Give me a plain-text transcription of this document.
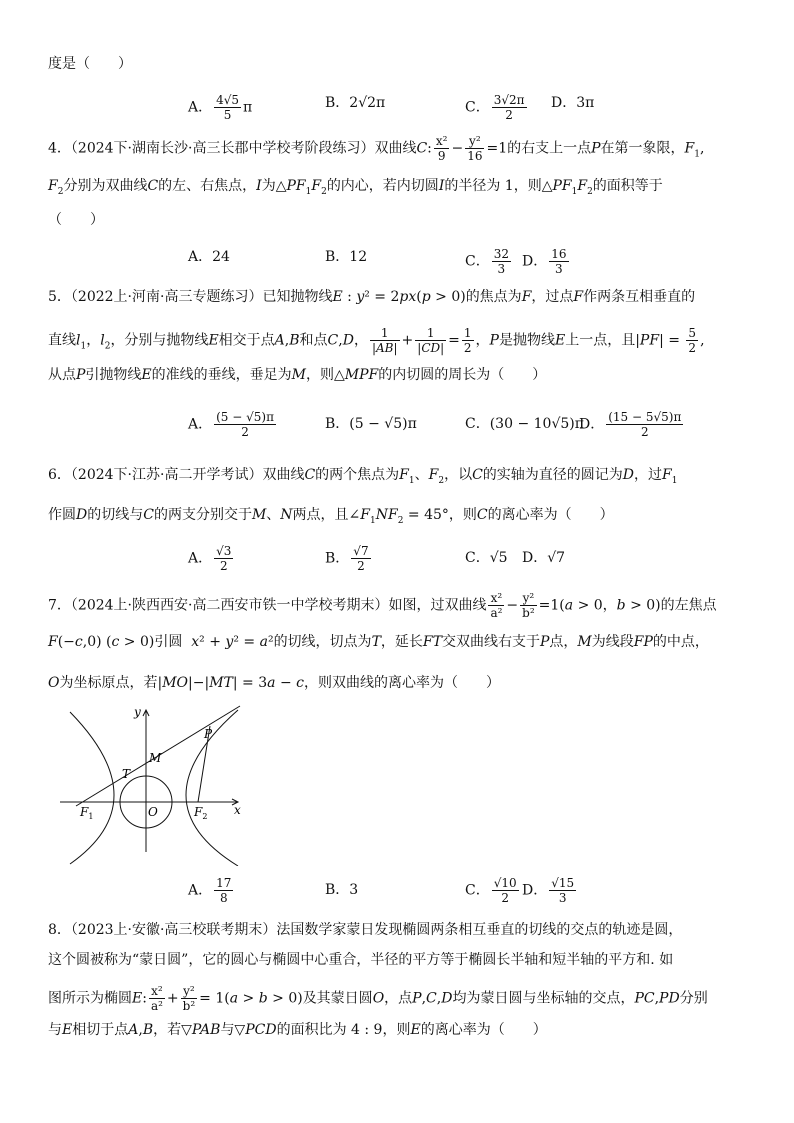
度是（　　）
A． $\frac{4√5}{5}$ π	B．2√2π	C． $\frac{3√2\pi}{2}$ D．3π
4．（2024下·湖南长沙·高三长郡中学校考阶段练习）双曲线C: $\frac{\text{x²}}{9} - \frac{\text{y²}}{16} =1$的右支上一点P在第一象限，$F_1$,
$F_2$分别为双曲线C的左、右焦点，I为$\triangle PF_1F_2$的内心，若内切圆I的半径为 1，则$\triangle PF_1F_2$的面积等于
（　　）
A．24	B．12	C． $\frac{32}{3}$ D． $\frac{16}{3}$
5．（2022上·河南·高三专题练习）已知抛物线E : y² = 2px(p > 0)的焦点为F，过点F作两条互相垂直的
直线$l_1$，$l_2$，分别与抛物线E相交于点A,B和点C,D， $\frac{1}{|AB|} + \frac{1}{|CD|} = \frac{1}{2}$ ，P是抛物线E上一点，且$|PF| = \frac{5}{2}$ ,
从点P引抛物线E的准线的垂线，垂足为M，则△MPF的内切圆的周长为（　　）
A． $\frac{(5 - √5)\pi}{2}$	B．(5 − √5)π	C．(30 − 10√5)π
D． $\frac{(15 - 5√5)\pi}{2}$
6．（2024下·江苏·高二开学考试）双曲线C的两个焦点为$F_1$、$F_2$，以C的实轴为直径的圆记为D，过$F_1$
作圆D的切线与C的两支分别交于M、N两点，且$\angle F_1NF_2 = 45^\circ$，则C的离心率为（　　）
A． $\frac{√3}{2}$	B． $\frac{√7}{2}$	C．√5 D．√7
7．（2024上·陕西西安·高二西安市铁一中学校考期末）如图，过双曲线 $\frac{\text{x²}}{\text{a²}} - \frac{\text{y²}}{\text{b²}} =1(a > 0$，b > 0)的左焦点
F(−c,0) (c > 0)引圆 x² + y² = a²的切线，切点为T，延长FT交双曲线右支于P点，M为线段FP的中点，
O为坐标原点，若|MO|−|MT| = 3a − c，则双曲线的离心率为（　　）
y
x
P
M
T
O
$F_1$	$F_2$
A． $\frac{17}{8}$	B．3	C． $\frac{√10}{2}$ D． $\frac{√15}{3}$
8．（2023上·安徽·高三校联考期末）法国数学家蒙日发现椭圆两条相互垂直的切线的交点的轨迹是圆，
这个圆被称为“蒙日圆”，它的圆心与椭圆中心重合，半径的平方等于椭圆长半轴和短半轴的平方和. 如
图所示为椭圆E: $\frac{\text{x²}}{\text{a²}} + \frac{\text{y²}}{\text{b²}} = 1(a > b > 0)$及其蒙日圆O，点P,C,D均为蒙日圆与坐标轴的交点，PC,PD分别
与E相切于点A,B，若▽PAB与▽PCD的面积比为 4 : 9，则E的离心率为（　　）
